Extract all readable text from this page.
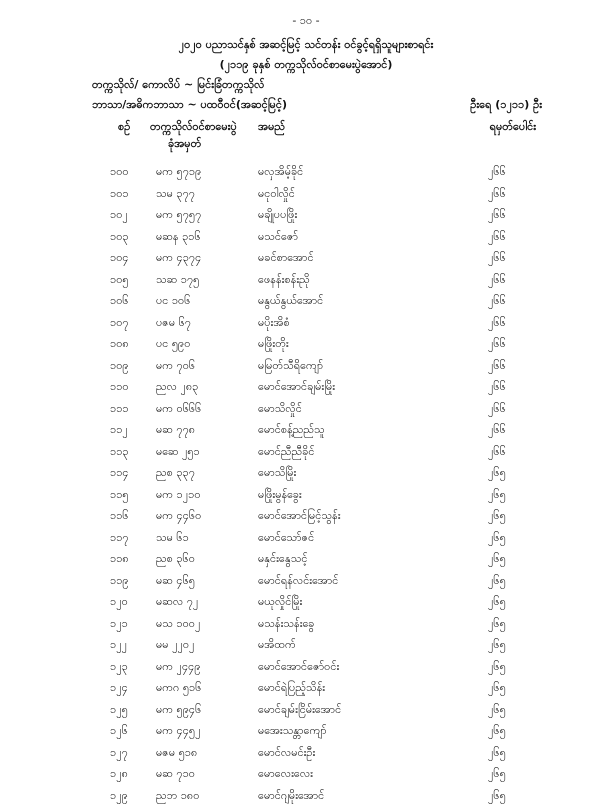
- ၁၀ -
၂၀၂၀ ပညာသင်နှစ် အဆင့်မြင့် သင်တန်း ဝင်ခွင့်ရရှိသူများစာရင်း
(၂၁၁၉ ခုနှစ် တက္ကသိုလ်ဝင်စာမေးပွဲအောင်)
တက္ကသိုလ်/ ကောလိပ် ~ မြင်းခြံတက္ကသိုလ်
ဘာသာ/အဓိကဘာသာ ~ ပထဝီဝင်(အဆင့်မြင့်)	ဦးရေ (၁၂၁၁) ဦး
စဉ် တက္ကသိုလ်ဝင်စာမေးပွဲ
ခုံအမှတ်
အမည်	ရမှတ်ပေါင်း
၁၀၀ မက ၅၇၁၉	မလှအိမ့်ခိုင်	၂၆၆
၁၀၁ သမ ၃၇၇	မငုဝါလှိုင်	၂၆၆
၁၀၂	မက ၅၇၅၇	မချိုပပဖြိုး	၂၆၆
၁၀၃ မဆန ၃၁၆	မသင်ဇော်	၂၆၆
၁၀၄ မက ၄၃၇၄	မခင်စာအောင်	၂၆၆
၁၀၅ သဆ ၁၇၅	ဖေနန်းစန်းညို	၂၆၆
၁၀၆ ပင ၁၀၆	မနွယ်နွယ်အောင်	၂၆၆
၁၀၇ ပဇမ ၆၇	မပိုးအိစံ	၂၆၆
၁၀၈ ပင ၅၉၀	မဖြိုးတိုး	၂၆၆
၁၀၉ မက ၇၀၆	မမြတ်သီရိကျော်	၂၆၆
၁၁၀ ညလ ၂၈၃	မောင်အောင်ချမ်းမြိုး	၂၆၆
၁၁၁ မက ၀၆၆၆	မောသိလှိုင်	၂၆၆
၁၁၂	မဆ ၇၇၈	မောင်စန့်ညည်သူ	၂၆၆
၁၁၃ မဆေ ၂၅၁	မောင်ညီညီခိုင်	၂၆၆
၁၁၄ ညစ ၃၃၇	မောသိမြိုး	၂၆၅
၁၁၅ မက ၁၂၁၀	မဖြိုးမွန်ခွေး	၂၆၅
၁၁၆ မက ၄၄၆၀	မောင်အောင်မြင့်သွန်း	၂၆၅
၁၁၇ သမ ၆၁	မောင်သော်ဇင်	၂၆၅
၁၁၈ ညစ ၃၆၀	မနှင်းနွေသင့်	၂၆၅
၁၁၉ မဆ ၄၆၅	မောင်ရန်လင်းအောင်	၂၆၅
၁၂၀	မဆလ ၇၂	မယုလှိုင်မြိုး	၂၆၅
၁၂၁	မသ ၁၀၀၂	မသန်းသန်းခွေ	၂၆၅
၁၂၂	မမ ၂၂၀၂	မအိထက်	၂၆၅
၁၂၃	မက ၂၄၄၉	မောင်အောင်ဇော်ဝင်း	၂၆၅
၁၂၄	မကဂ ၅၁၆	မောင်ရဲပြည့်သိန်း	၂၆၅
၁၂၅	မက ၅၉၄၆	မောင်ချမ်းငြိမ်းအောင်	၂၆၅
၁၂၆	မက ၄၄၅၂	မအေးသန္တာကျော်	၂၆၅
၁၂၇	မဇမ ၅၁၈	မောင်လမင်းဦး	၂၆၅
၁၂၈	မဆ ၇၁၀	မောလေးလေး	၂၆၅
၁၂၉	ညဘ ၁၈၀	မောင်ဂျမိုးအောင်	၂၆၅
